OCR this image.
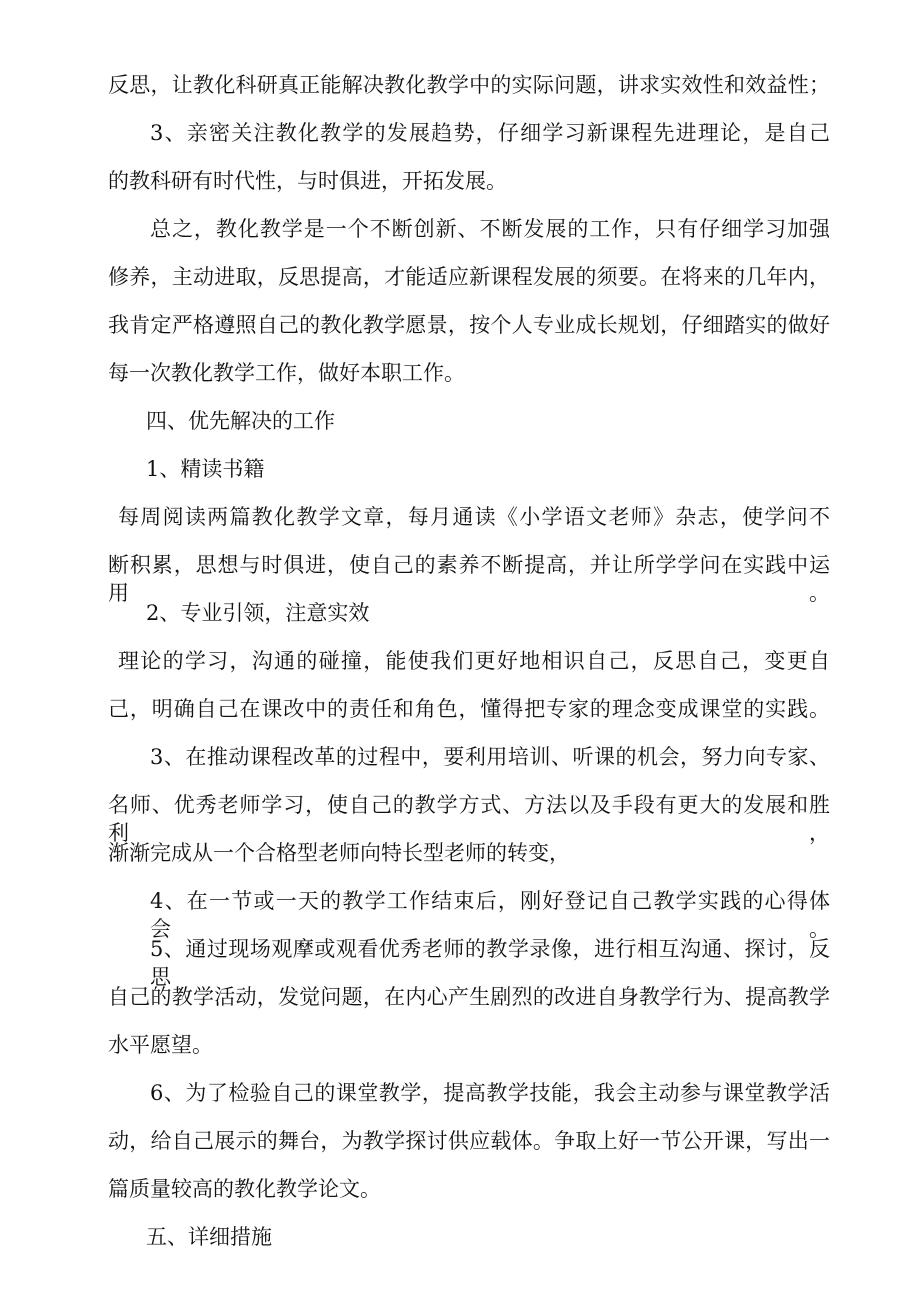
反思，让教化科研真正能解决教化教学中的实际问题，讲求实效性和效益性；

3、亲密关注教化教学的发展趋势，仔细学习新课程先进理论，是自己

的教科研有时代性，与时俱进，开拓发展。

总之，教化教学是一个不断创新、不断发展的工作，只有仔细学习加强

修养，主动进取，反思提高，才能适应新课程发展的须要。在将来的几年内，

我肯定严格遵照自己的教化教学愿景，按个人专业成长规划，仔细踏实的做好

每一次教化教学工作，做好本职工作。

四、优先解决的工作

1、精读书籍

每周阅读两篇教化教学文章，每月通读《小学语文老师》杂志，使学问不

断积累，思想与时俱进，使自己的素养不断提高，并让所学学问在实践中运用。

2、专业引领，注意实效

理论的学习，沟通的碰撞，能使我们更好地相识自己，反思自己，变更自

己，明确自己在课改中的责任和角色，懂得把专家的理念变成课堂的实践。

3、在推动课程改革的过程中，要利用培训、听课的机会，努力向专家、

名师、优秀老师学习，使自己的教学方式、方法以及手段有更大的发展和胜利，

渐渐完成从一个合格型老师向特长型老师的转变，

4、在一节或一天的教学工作结束后，刚好登记自己教学实践的心得体会。

5、通过现场观摩或观看优秀老师的教学录像，进行相互沟通、探讨，反思

自己的教学活动，发觉问题，在内心产生剧烈的改进自身教学行为、提高教学

水平愿望。

6、为了检验自己的课堂教学，提高教学技能，我会主动参与课堂教学活

动，给自己展示的舞台，为教学探讨供应载体。争取上好一节公开课，写出一

篇质量较高的教化教学论文。

五、详细措施
